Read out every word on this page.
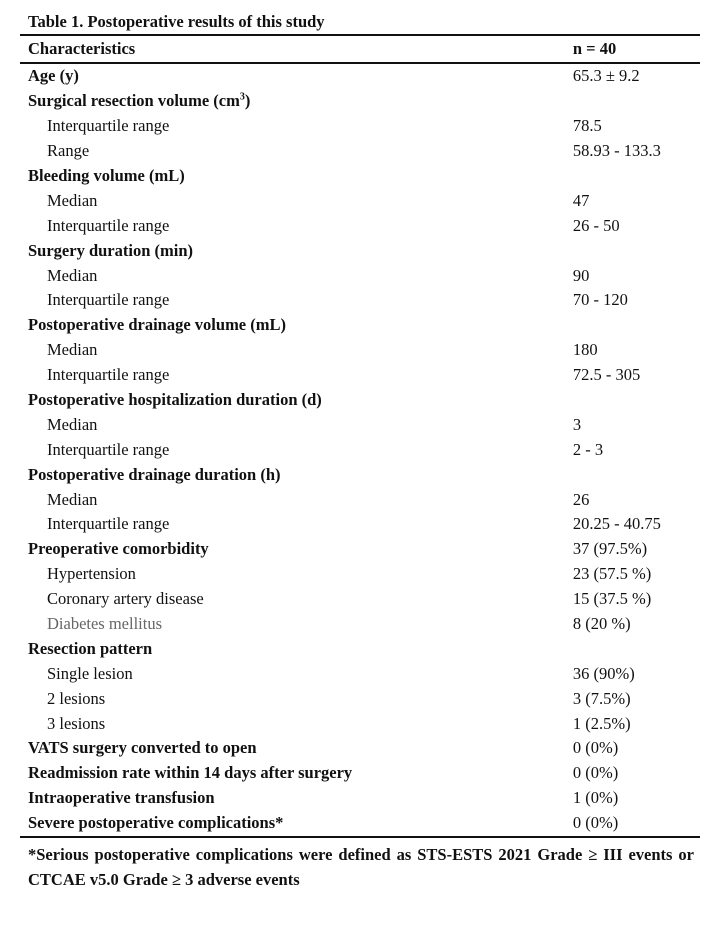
Table 1. Postoperative results of this study
Characteristics	n = 40
Age (y)	65.3 ± 9.2
Surgical resection volume $(cm^3)$	
Interquartile range	78.5
Range	58.93 - 133.3
Bleeding volume (mL)	
Median	47
Interquartile range	26 - 50
Surgery duration (min)	
Median	90
Interquartile range	70 - 120
Postoperative drainage volume (mL)	
Median	180
Interquartile range	72.5 - 305
Postoperative hospitalization duration (d)	
Median	3
Interquartile range	2 - 3
Postoperative drainage duration (h)	
Median	26
Interquartile range	20.25 - 40.75
Preoperative comorbidity	37 (97.5%)
Hypertension	23 (57.5 %)
Coronary artery disease	15 (37.5 %)
Diabetes mellitus	8 (20 %)
Resection pattern	
Single lesion	36 (90%)
2 lesions	3 (7.5%)
3 lesions	1 (2.5%)
VATS surgery converted to open	0 (0%)
Readmission rate within 14 days after surgery	0 (0%)
Intraoperative transfusion	1 (0%)
Severe postoperative complications*	0 (0%)
*Serious postoperative complications were defined as STS-ESTS 2021 Grade ≥ III events or CTCAE v5.0 Grade ≥ 3 adverse events
